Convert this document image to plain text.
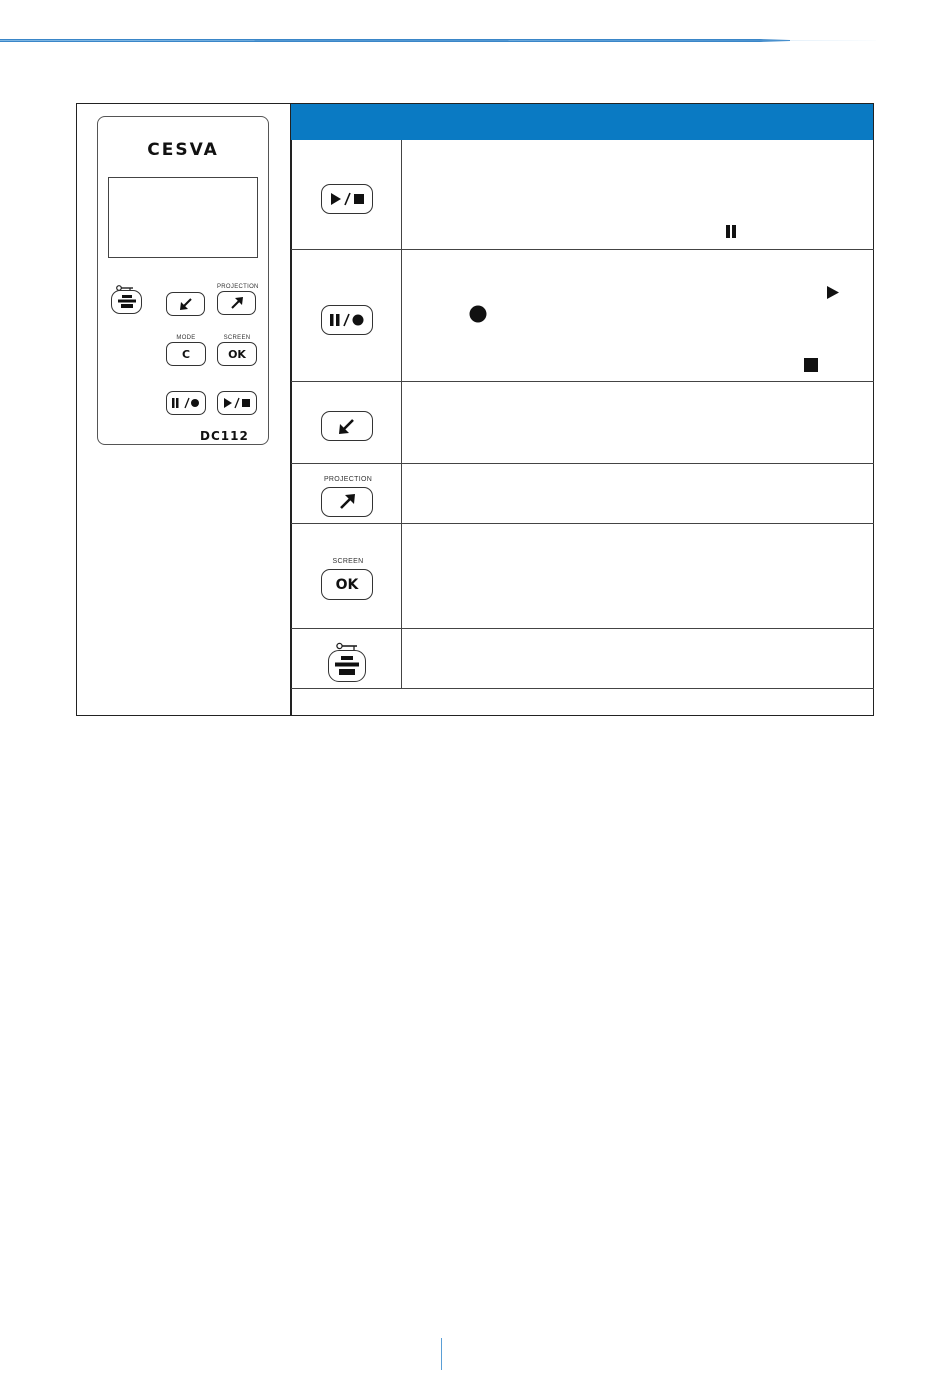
CESVA
DC112
PROJECTION
MODE
C
SCREEN
OK
PROJECTION
SCREEN
OK
